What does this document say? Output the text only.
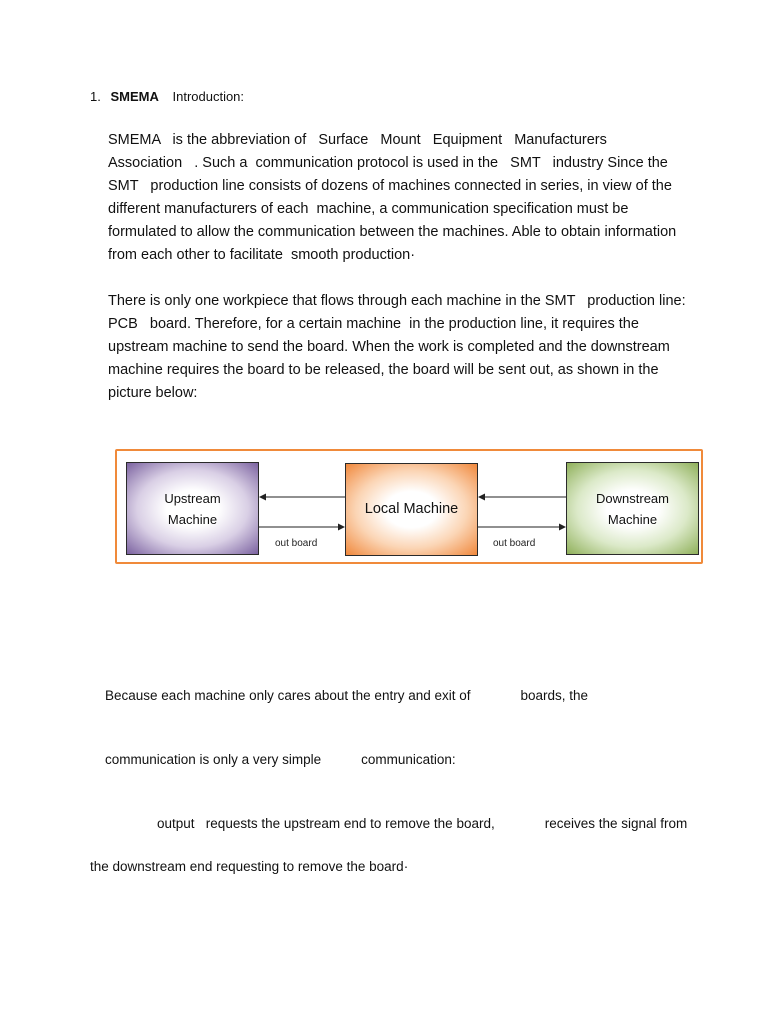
1. SMEMA Introduction:
SMEMA   is the abbreviation of   Surface   Mount   Equipment   Manufacturers
Association   . Such a  communication protocol is used in the   SMT   industry Since the
SMT   production line consists of dozens of machines connected in series, in view of the
different manufacturers of each  machine, a communication specification must be
formulated to allow the communication between the machines. Able to obtain information
from each other to facilitate  smooth production·
There is only one workpiece that flows through each machine in the SMT   production line:
PCB   board. Therefore, for a certain machine  in the production line, it requires the
upstream machine to send the board. When the work is completed and the downstream
machine requires the board to be released, the board will be sent out, as shown in the
picture below:
Upstream
Machine
Local Machine
Downstream
Machine
out board	out board

Because each machine only cares about the entry and exit of	boards, the

communication is only a very simple	communication:

output   requests the upstream end to remove the board,	receives the signal from

the downstream end requesting to remove the board·
